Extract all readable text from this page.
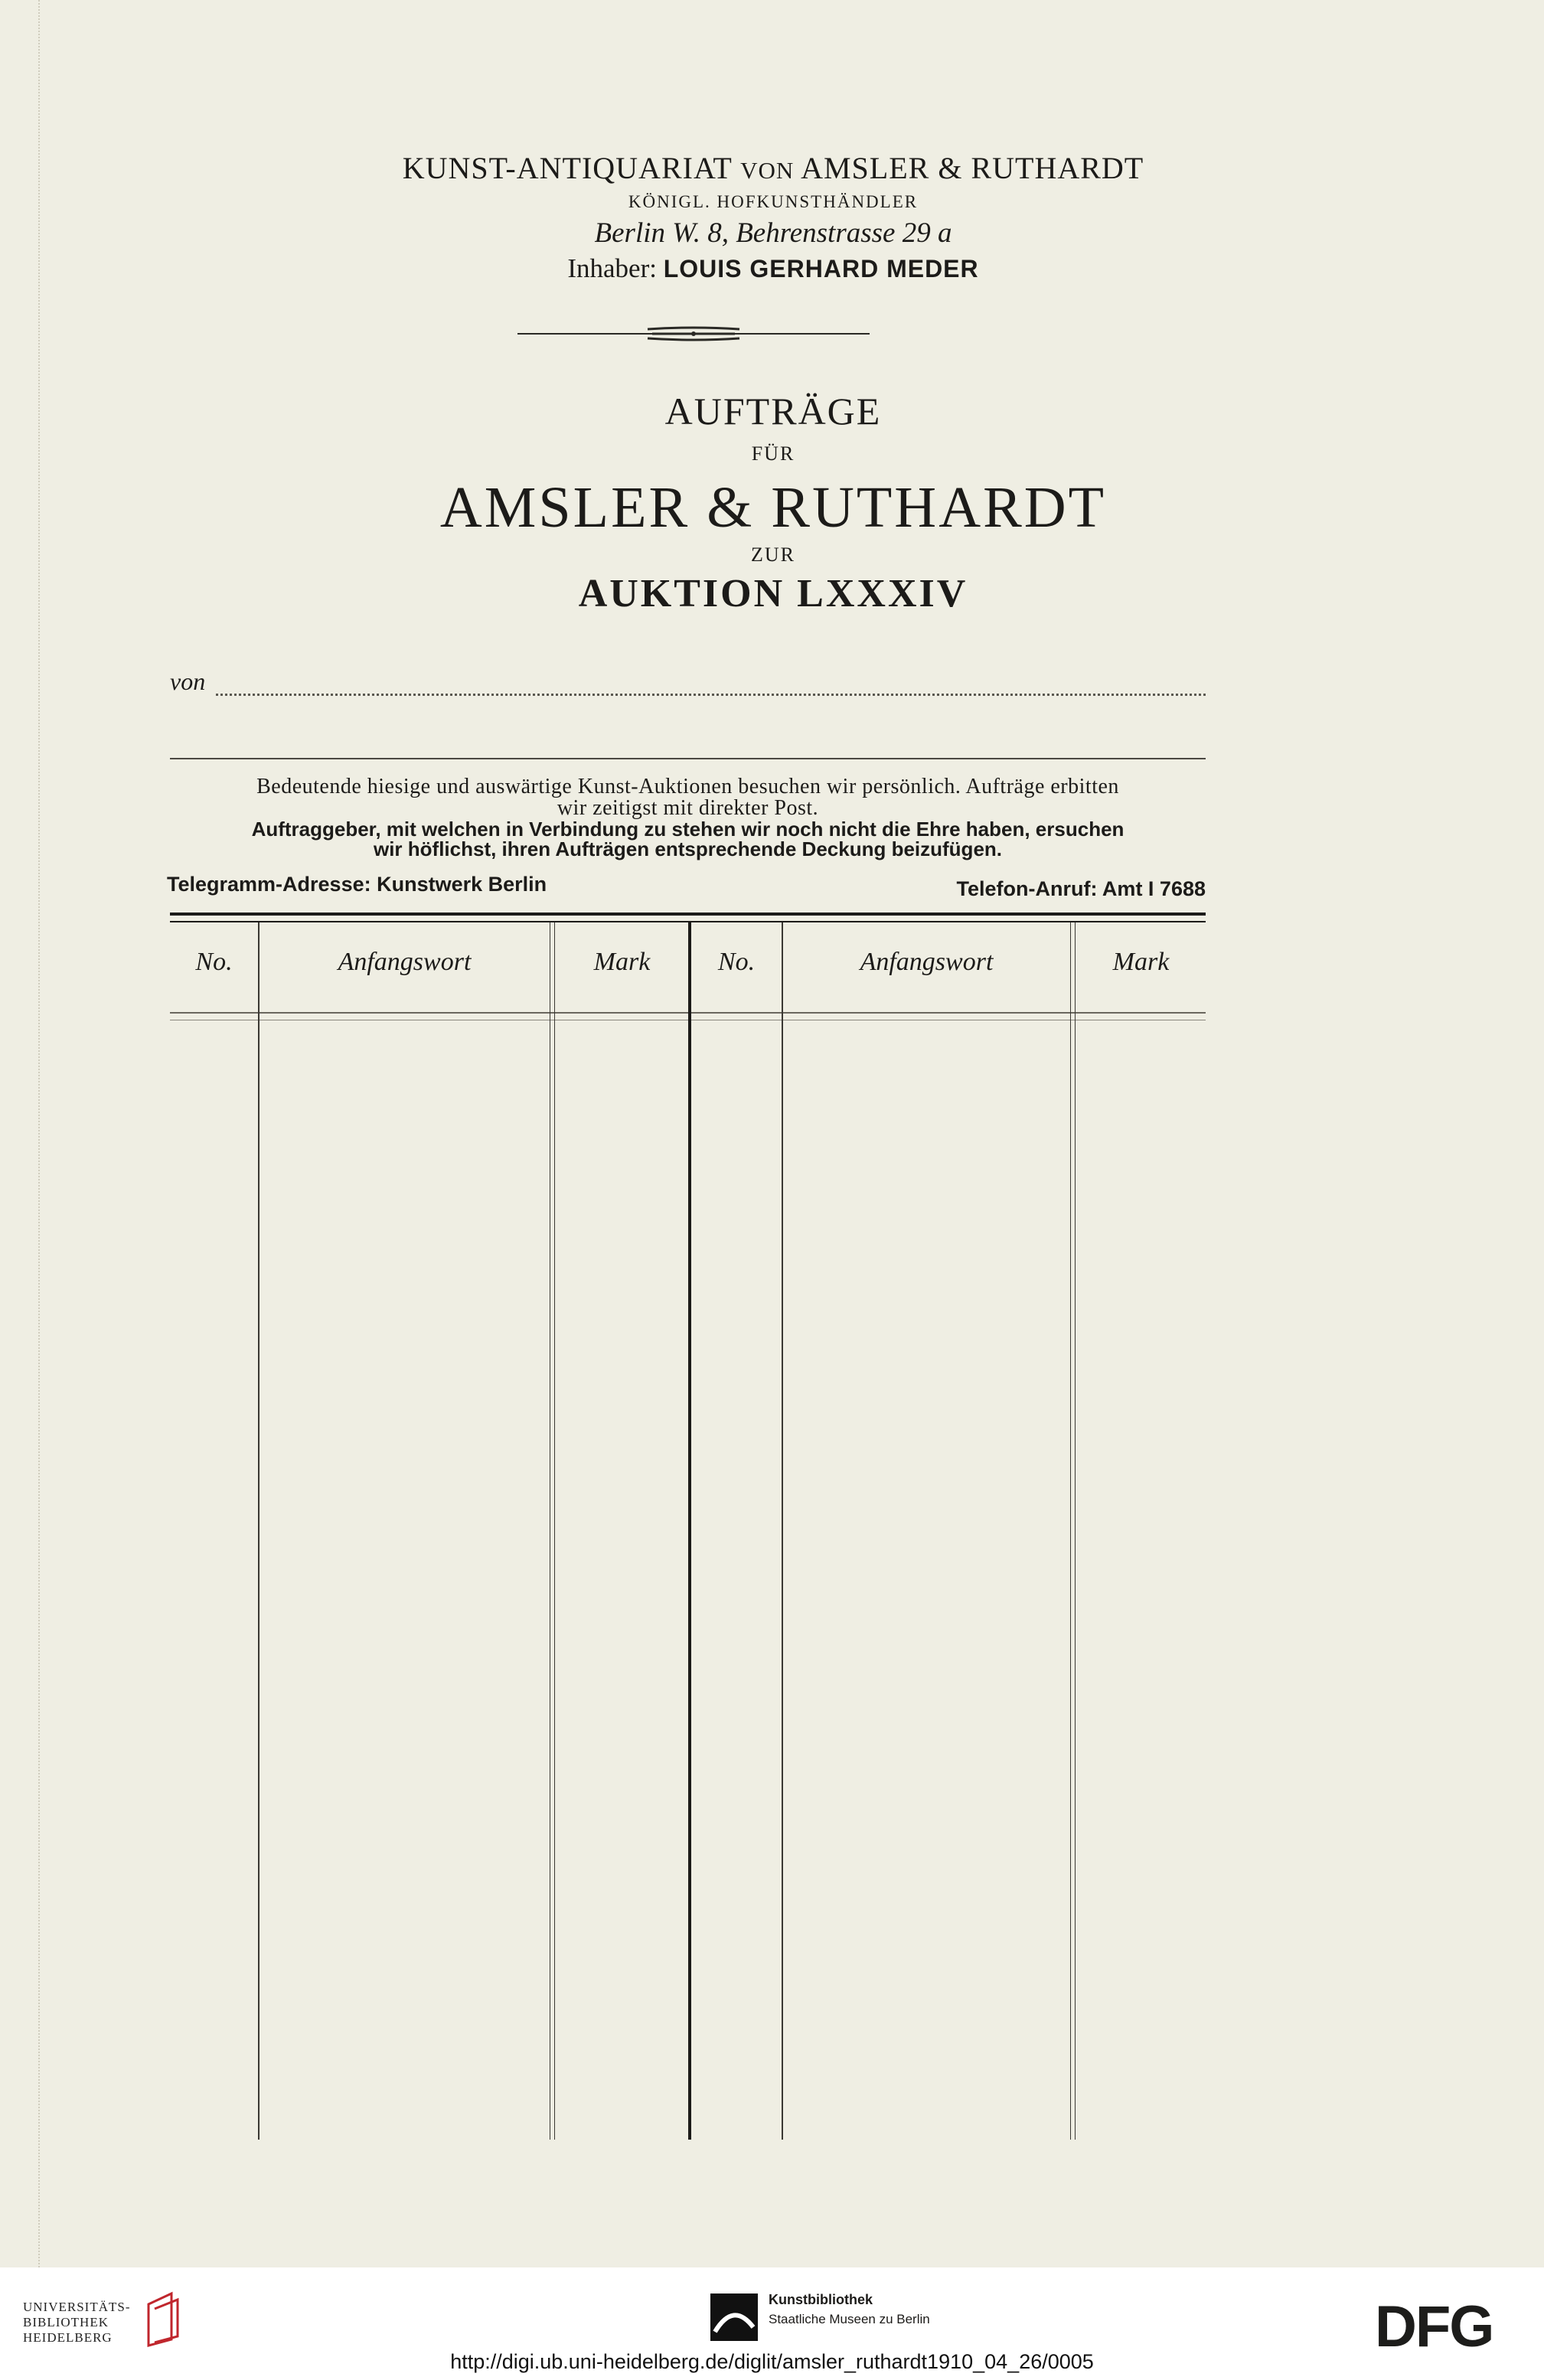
KUNST-ANTIQUARIAT VON AMSLER & RUTHARDT
KÖNIGL. HOFKUNSTHÄNDLER
Berlin W. 8, Behrenstrasse 29 a
Inhaber: LOUIS GERHARD MEDER
AUFTRÄGE
FÜR
AMSLER & RUTHARDT
ZUR
AUKTION LXXXIV
von
Bedeutende hiesige und auswärtige Kunst-Auktionen besuchen wir persönlich. Aufträge erbitten
wir zeitigst mit direkter Post.
Auftraggeber, mit welchen in Verbindung zu stehen wir noch nicht die Ehre haben, ersuchen
wir höflichst, ihren Aufträgen entsprechende Deckung beizufügen.
Telegramm-Adresse: Kunstwerk Berlin	Telefon-Anruf: Amt I 7688
No.	Anfangswort	Mark	No.	Anfangswort	Mark
UNIVERSITÄTS-
BIBLIOTHEK
HEIDELBERG
Kunstbibliothek
Staatliche Museen zu Berlin	DFG
http://digi.ub.uni-heidelberg.de/diglit/amsler_ruthardt1910_04_26/0005
